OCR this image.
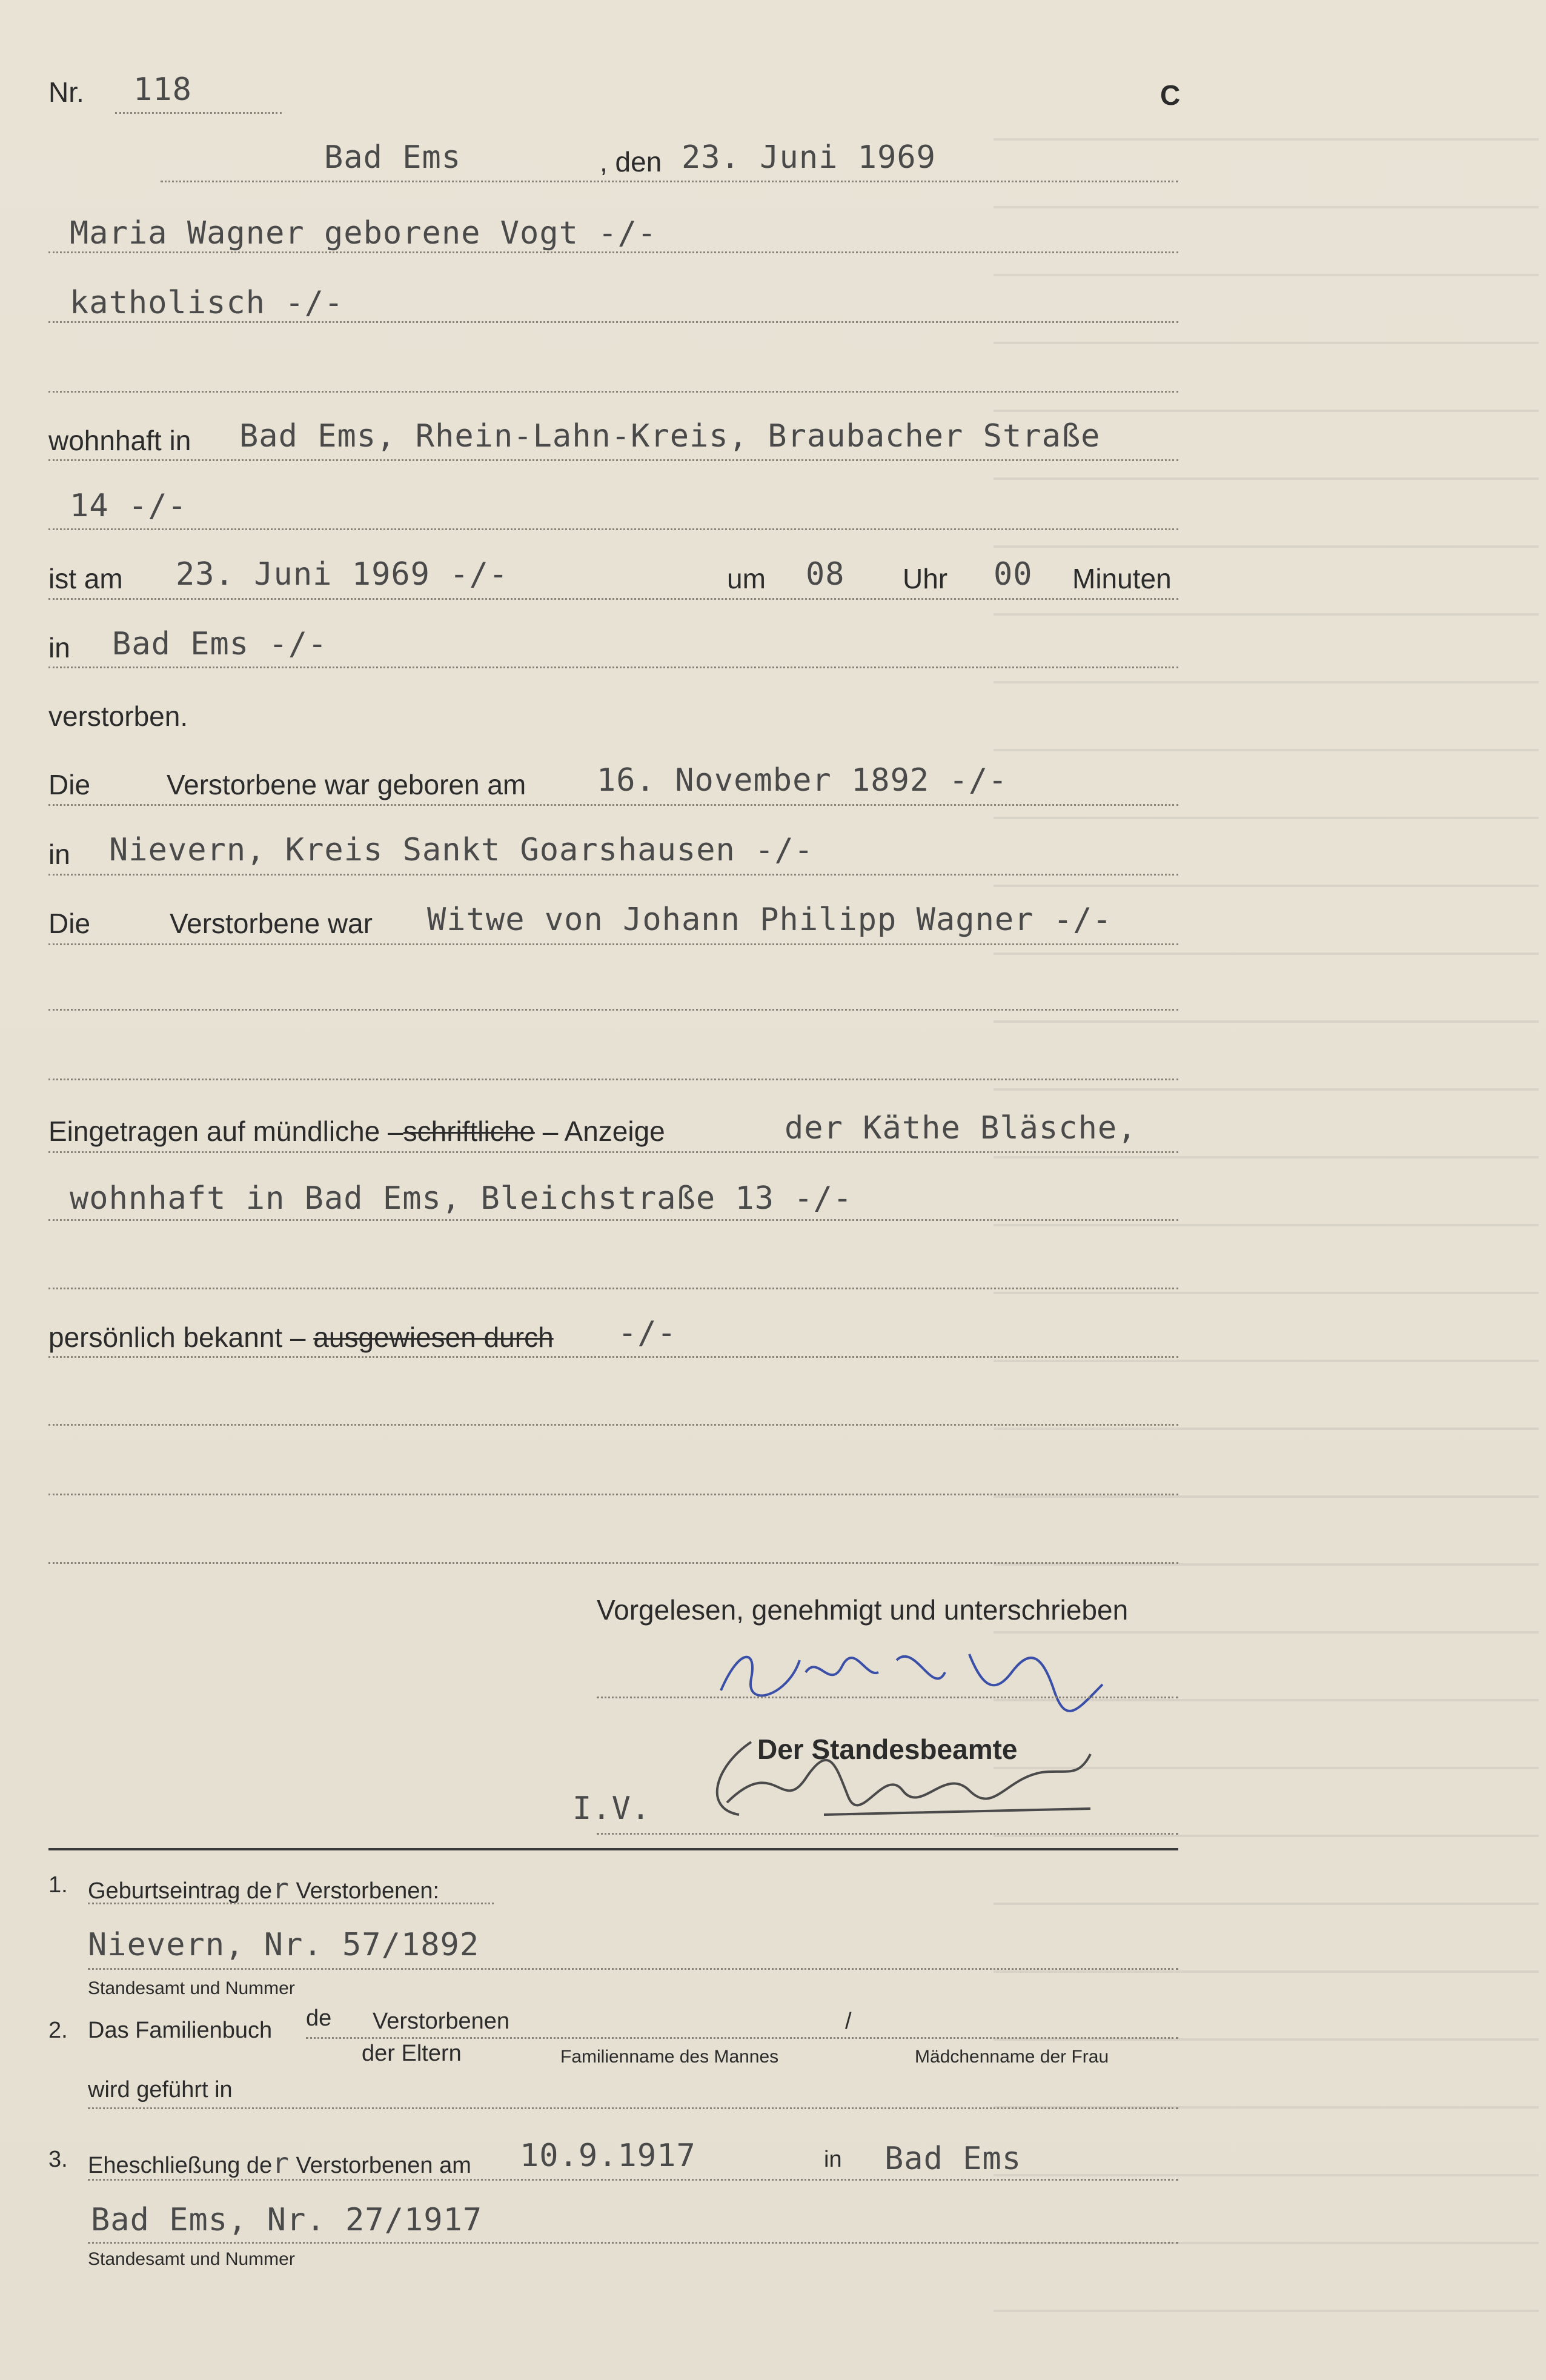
Nr. 118	C
Bad Ems	, den 23. Juni 1969
Maria Wagner geborene Vogt -/-
katholisch -/-
wohnhaft in Bad Ems, Rhein-Lahn-Kreis, Braubacher Straße
14 -/-
ist am 23. Juni 1969 -/-	um 08 Uhr 00 Minuten
in Bad Ems -/-
verstorben.
Die	Verstorbene war geboren am 16. November 1892 -/-
in Nievern, Kreis Sankt Goarshausen -/-
Die	Verstorbene war Witwe von Johann Philipp Wagner -/-
Eingetragen auf mündliche –schriftliche – Anzeige	der Käthe Bläsche,
wohnhaft in Bad Ems, Bleichstraße 13 -/-
persönlich bekannt – ausgewiesen durch -/-
Vorgelesen, genehmigt und unterschrieben
Der Standesbeamte
I.V.
1. Geburtseintrag der Verstorbenen:
Nievern, Nr. 57/1892
Standesamt und Nummer
2. Das Familienbuch de Verstorbenen	/
der Eltern	Familienname des Mannes	Mädchenname der Frau
wird geführt in
3. Eheschließung der Verstorbenen am 10.9.1917	in Bad Ems
Bad Ems, Nr. 27/1917
Standesamt und Nummer
